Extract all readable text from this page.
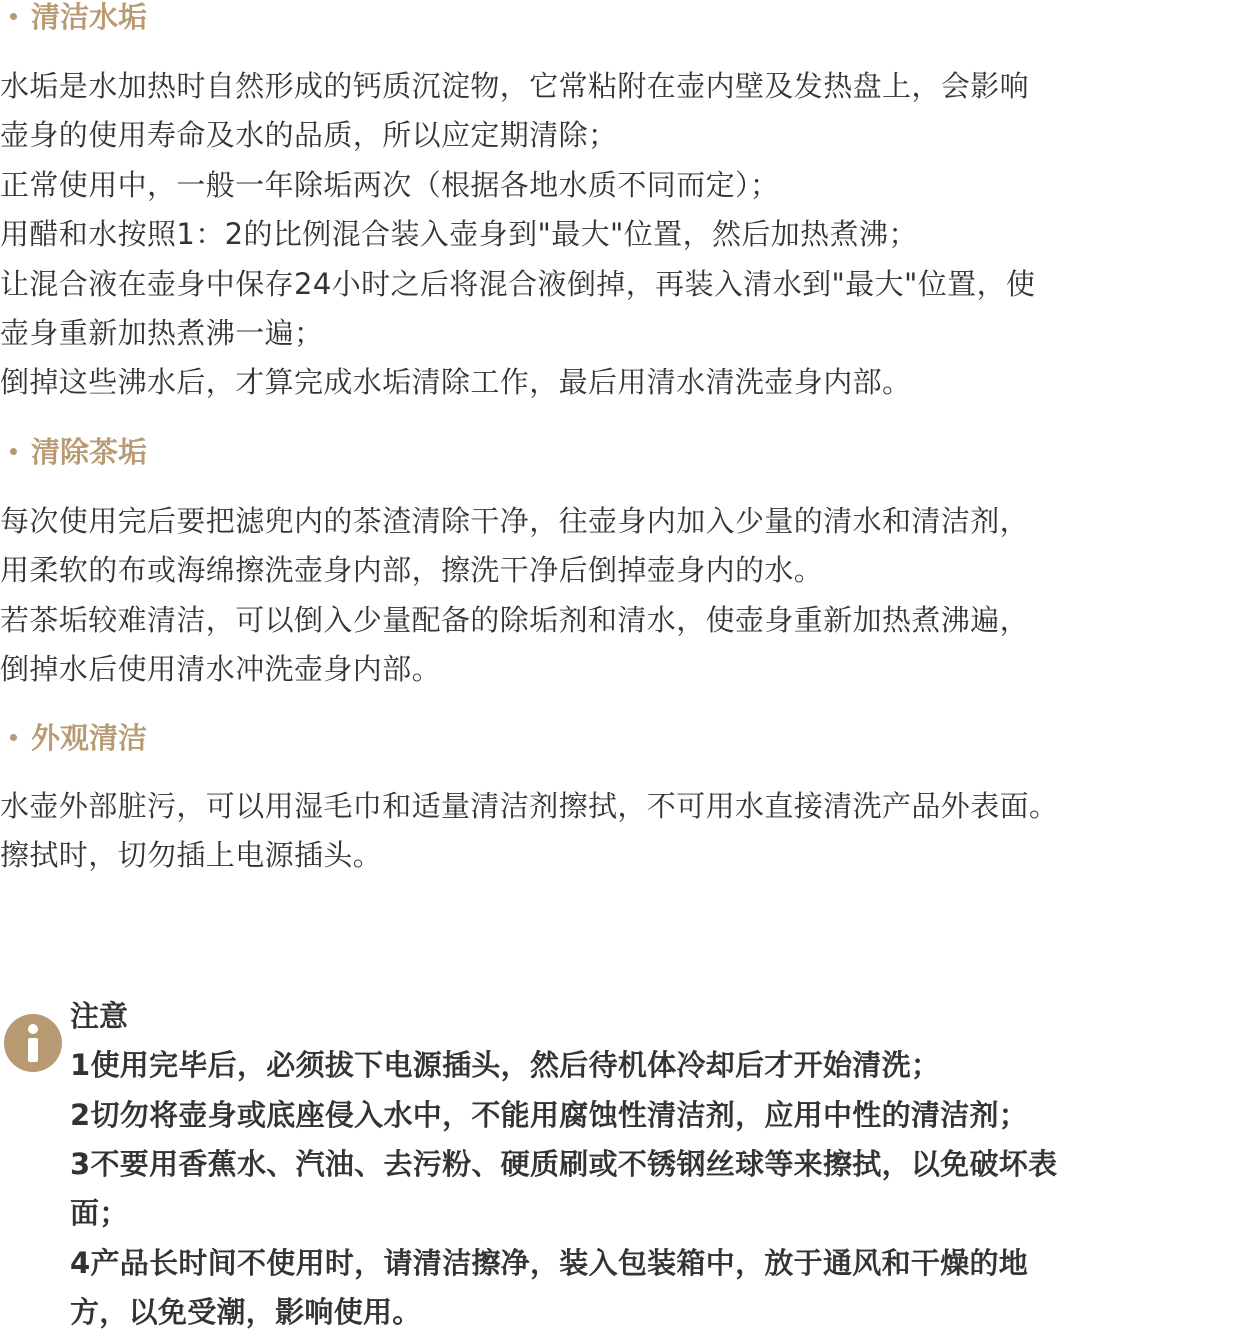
清洁水垢
水垢是水加热时自然形成的钙质沉淀物，它常粘附在壶内壁及发热盘上，会影响
壶身的使用寿命及水的品质，所以应定期清除；
正常使用中，一般一年除垢两次（根据各地水质不同而定）；
用醋和水按照1：2的比例混合装入壶身到"最大"位置，然后加热煮沸；
让混合液在壶身中保存24小时之后将混合液倒掉，再装入清水到"最大"位置，使
壶身重新加热煮沸一遍；
倒掉这些沸水后，才算完成水垢清除工作，最后用清水清洗壶身内部。
清除茶垢
每次使用完后要把滤兜内的茶渣清除干净，往壶身内加入少量的清水和清洁剂，
用柔软的布或海绵擦洗壶身内部，擦洗干净后倒掉壶身内的水。
若茶垢较难清洁，可以倒入少量配备的除垢剂和清水，使壶身重新加热煮沸遍，
倒掉水后使用清水冲洗壶身内部。
外观清洁
水壶外部脏污，可以用湿毛巾和适量清洁剂擦拭，不可用水直接清洗产品外表面。
擦拭时，切勿插上电源插头。
注意
1使用完毕后，必须拔下电源插头，然后待机体冷却后才开始清洗；
2切勿将壶身或底座侵入水中，不能用腐蚀性清洁剂，应用中性的清洁剂；
3不要用香蕉水、汽油、去污粉、硬质刷或不锈钢丝球等来擦拭，以免破坏表
面；
4产品长时间不使用时，请清洁擦净，装入包装箱中，放于通风和干燥的地
方，以免受潮，影响使用。
